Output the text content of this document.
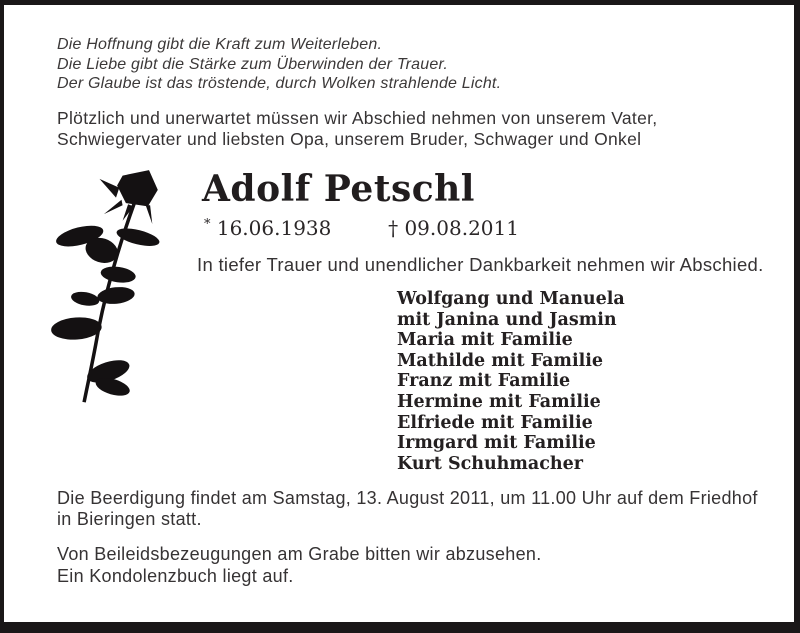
Die Hoffnung gibt die Kraft zum Weiterleben.
Die Liebe gibt die Stärke zum Überwinden der Trauer.
Der Glaube ist das tröstende, durch Wolken strahlende Licht.
Plötzlich und unerwartet müssen wir Abschied nehmen von unserem Vater,
Schwiegervater und liebsten Opa, unserem Bruder, Schwager und Onkel
Adolf Petschl
* 16.06.1938	† 09.08.2011
In tiefer Trauer und unendlicher Dankbarkeit nehmen wir Abschied.
Wolfgang und Manuela
mit Janina und Jasmin
Maria mit Familie
Mathilde mit Familie
Franz mit Familie
Hermine mit Familie
Elfriede mit Familie
Irmgard mit Familie
Kurt Schuhmacher
Die Beerdigung findet am Samstag, 13. August 2011, um 11.00 Uhr auf dem Friedhof
in Bieringen statt.
Von Beileidsbezeugungen am Grabe bitten wir abzusehen.
Ein Kondolenzbuch liegt auf.
